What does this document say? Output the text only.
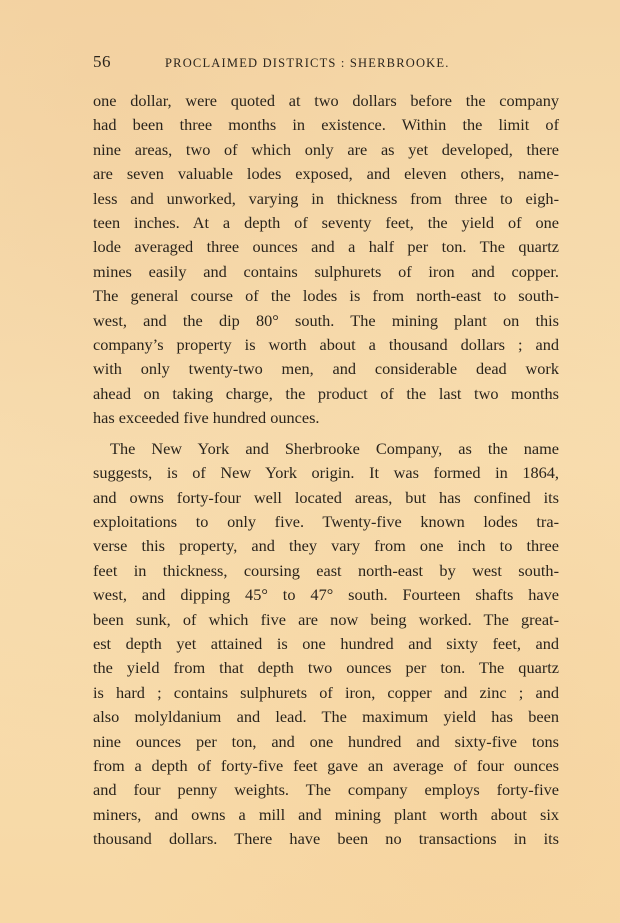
56	PROCLAIMED DISTRICTS : SHERBROOKE.

one dollar, were quoted at two dollars before the company
had been three months in existence. Within the limit of
nine areas, two of which only are as yet developed, there
are seven valuable lodes exposed, and eleven others, name-
less and unworked, varying in thickness from three to eigh-
teen inches. At a depth of seventy feet, the yield of one
lode averaged three ounces and a half per ton. The quartz
mines easily and contains sulphurets of iron and copper.
The general course of the lodes is from north-east to south-
west, and the dip 80° south. The mining plant on this
company’s property is worth about a thousand dollars ; and
with only twenty-two men, and considerable dead work
ahead on taking charge, the product of the last two months
has exceeded five hundred ounces.

The New York and Sherbrooke Company, as the name
suggests, is of New York origin. It was formed in 1864,
and owns forty-four well located areas, but has confined its
exploitations to only five. Twenty-five known lodes tra-
verse this property, and they vary from one inch to three
feet in thickness, coursing east north-east by west south-
west, and dipping 45° to 47° south. Fourteen shafts have
been sunk, of which five are now being worked. The great-
est depth yet attained is one hundred and sixty feet, and
the yield from that depth two ounces per ton. The quartz
is hard ; contains sulphurets of iron, copper and zinc ; and
also molyldanium and lead. The maximum yield has been
nine ounces per ton, and one hundred and sixty-five tons
from a depth of forty-five feet gave an average of four ounces
and four penny weights. The company employs forty-five
miners, and owns a mill and mining plant worth about six
thousand dollars. There have been no transactions in its
